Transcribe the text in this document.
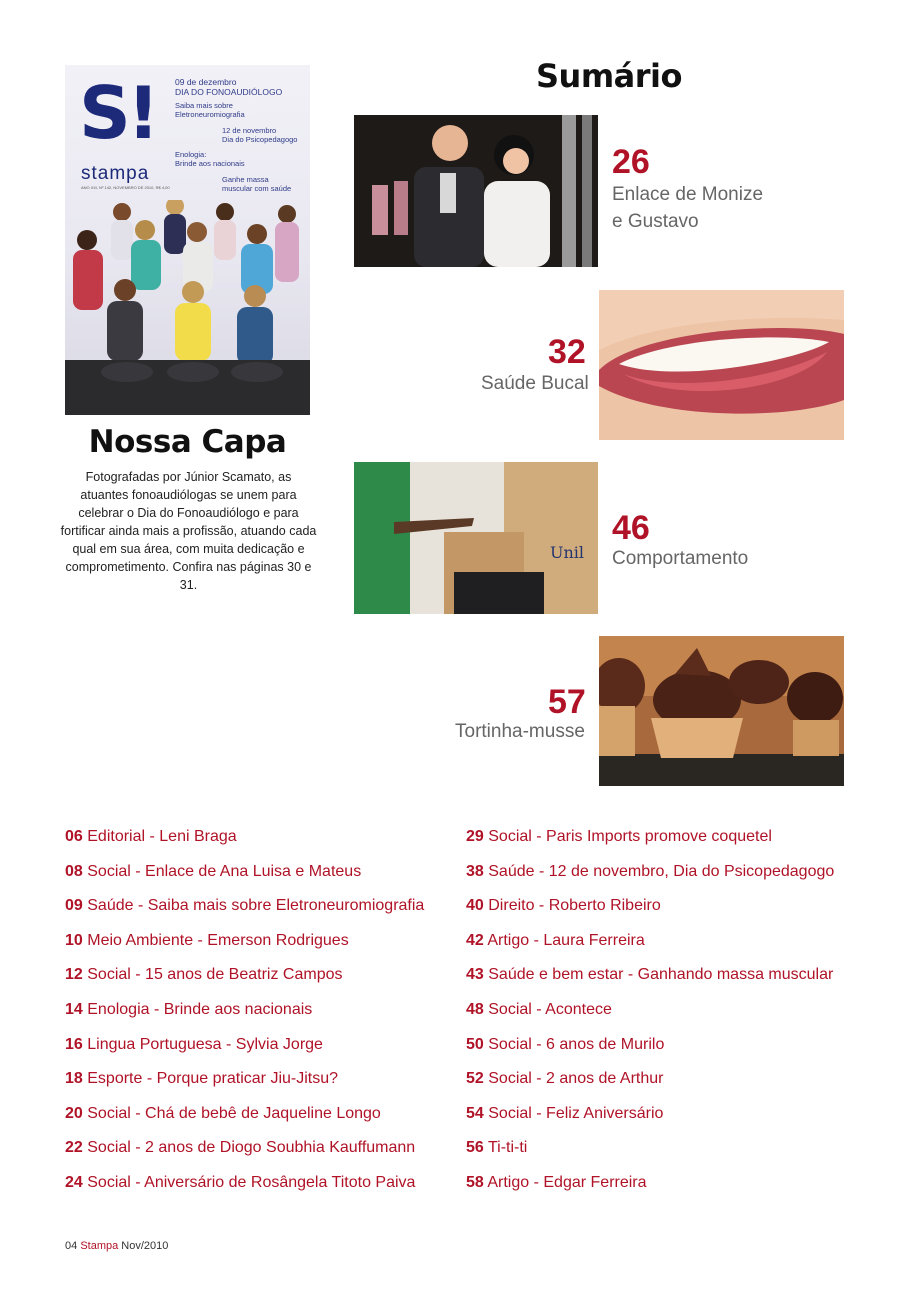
S!
stampa
ANO XIII, Nº 142, NOVEMBRO DE 2010, R$ 4,00
09 de dezembro
DIA DO FONOAUDIÓLOGO
Saiba mais sobre
Eletroneuromiografia
12 de novembro
Dia do Psicopedagogo
Enologia:
Brinde aos nacionais
Ganhe massa
muscular com saúde
Nossa Capa
Fotografadas por Júnior Scamato, as atuantes fonoaudiólogas se unem para celebrar o Dia do Fonoaudiólogo e para fortificar ainda mais a profissão, atuando cada qual em sua área, com muita dedicação e comprometimento. Confira nas páginas 30 e 31.
Sumário
26
Enlace de Monize
e Gustavo
32
Saúde Bucal
Unil
46
Comportamento
57
Tortinha-musse
06 Editorial - Leni Braga
08 Social - Enlace de Ana Luisa e Mateus
09 Saúde - Saiba mais sobre Eletroneuromiografia
10 Meio Ambiente - Emerson Rodrigues
12 Social - 15 anos de Beatriz Campos
14 Enologia - Brinde aos nacionais
16 Lingua Portuguesa - Sylvia Jorge
18 Esporte - Porque praticar Jiu-Jitsu?
20 Social - Chá de bebê de Jaqueline Longo
22 Social - 2 anos de Diogo Soubhia Kauffumann
24 Social - Aniversário de Rosângela Titoto Paiva
29 Social - Paris Imports promove coquetel
38 Saúde - 12 de novembro, Dia do Psicopedagogo
40 Direito - Roberto Ribeiro
42 Artigo - Laura Ferreira
43 Saúde e bem estar - Ganhando massa muscular
48 Social - Acontece
50 Social - 6 anos de Murilo
52 Social - 2 anos de Arthur
54 Social - Feliz Aniversário
56 Ti-ti-ti
58 Artigo - Edgar Ferreira
04 Stampa Nov/2010
